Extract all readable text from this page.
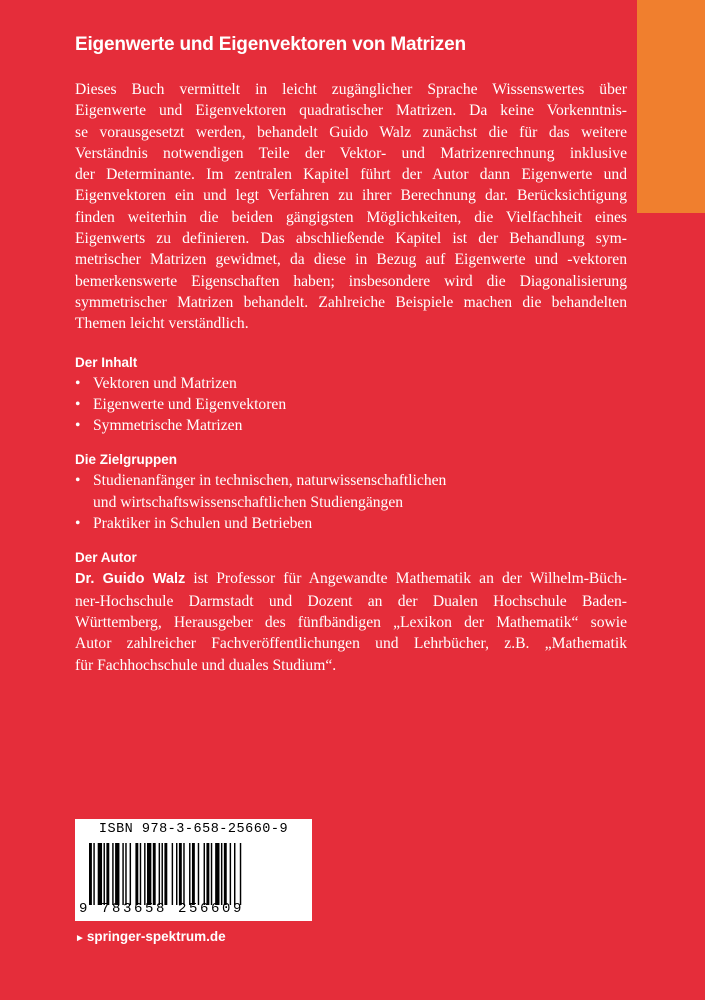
Eigenwerte und Eigenvektoren von Matrizen

Dieses Buch vermittelt in leicht zugänglicher Sprache Wissenswertes über
Eigenwerte und Eigenvektoren quadratischer Matrizen. Da keine Vorkenntnis-
se vorausgesetzt werden, behandelt Guido Walz zunächst die für das weitere
Verständnis notwendigen Teile der Vektor- und Matrizenrechnung inklusive
der Determinante. Im zentralen Kapitel führt der Autor dann Eigenwerte und
Eigenvektoren ein und legt Verfahren zu ihrer Berechnung dar. Berücksichtigung
finden weiterhin die beiden gängigsten Möglichkeiten, die Vielfachheit eines
Eigenwerts zu definieren. Das abschließende Kapitel ist der Behandlung sym-
metrischer Matrizen gewidmet, da diese in Bezug auf Eigenwerte und -vektoren
bemerkenswerte Eigenschaften haben; insbesondere wird die Diagonalisierung
symmetrischer Matrizen behandelt. Zahlreiche Beispiele machen die behandelten
Themen leicht verständlich.

Der Inhalt
• Vektoren und Matrizen
• Eigenwerte und Eigenvektoren
• Symmetrische Matrizen
Die Zielgruppen
• Studienanfänger in technischen, naturwissenschaftlichen
und wirtschaftswissenschaftlichen Studiengängen
• Praktiker in Schulen und Betrieben
Der Autor

Dr. Guido Walz ist Professor für Angewandte Mathematik an der Wilhelm-Büch-
ner-Hochschule Darmstadt und Dozent an der Dualen Hochschule Baden-
Württemberg, Herausgeber des fünfbändigen „Lexikon der Mathematik“ sowie
Autor zahlreicher Fachveröffentlichungen und Lehrbücher, z.B. „Mathematik
für Fachhochschule und duales Studium“.

ISBN 978-3-658-25660-9
9 783658 256609
► springer-spektrum.de
